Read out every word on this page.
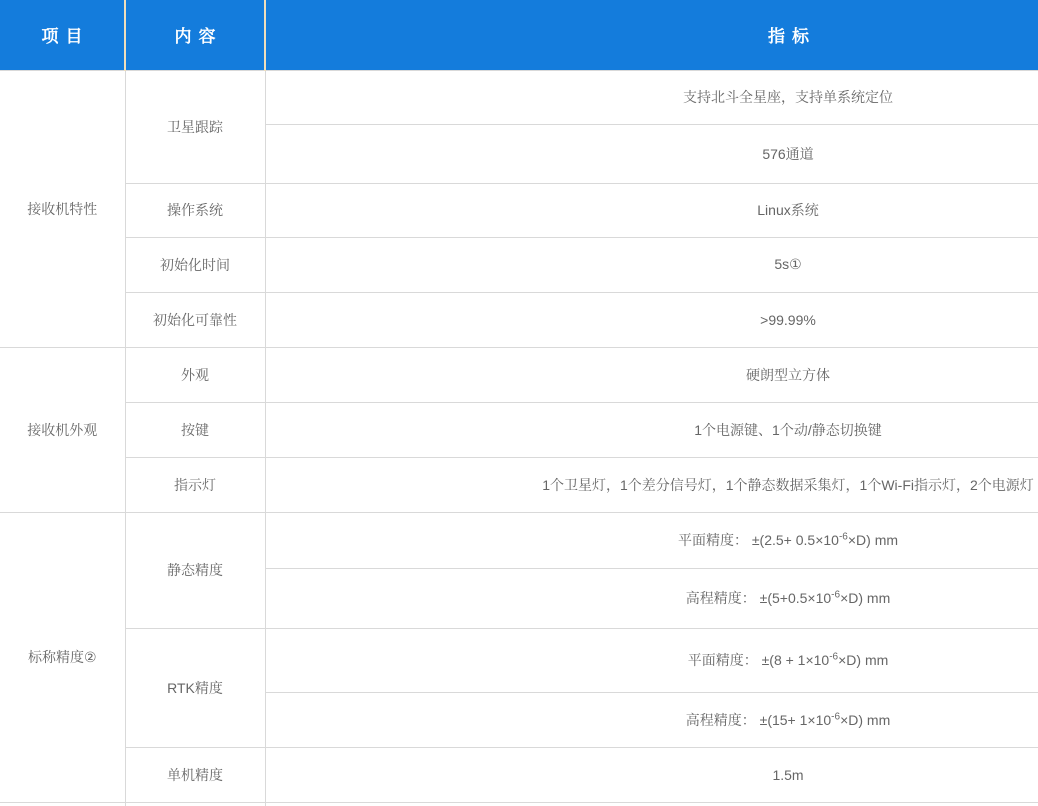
项目	内容	指标
接收机特性	卫星跟踪	支持北斗全星座，支持单系统定位
		576通道
	操作系统	Linux系统
	初始化时间	5s①
	初始化可靠性	>99.99%
接收机外观	外观	硬朗型立方体
	按键	1个电源键、1个动/静态切换键
	指示灯	1个卫星灯，1个差分信号灯，1个静态数据采集灯，1个Wi-Fi指示灯，2个电源灯
标称精度②	静态精度	平面精度： $\pm(2.5+ 0.5\times 10^{-6}\times D)$ mm
		高程精度： $\pm(5+0.5\times 10^{-6}\times D)$ mm
	RTK精度	平面精度： $\pm(8 + 1\times 10^{-6}\times D)$ mm
		高程精度： $\pm(15+ 1\times 10^{-6}\times D)$ mm
	单机精度	1.5m
